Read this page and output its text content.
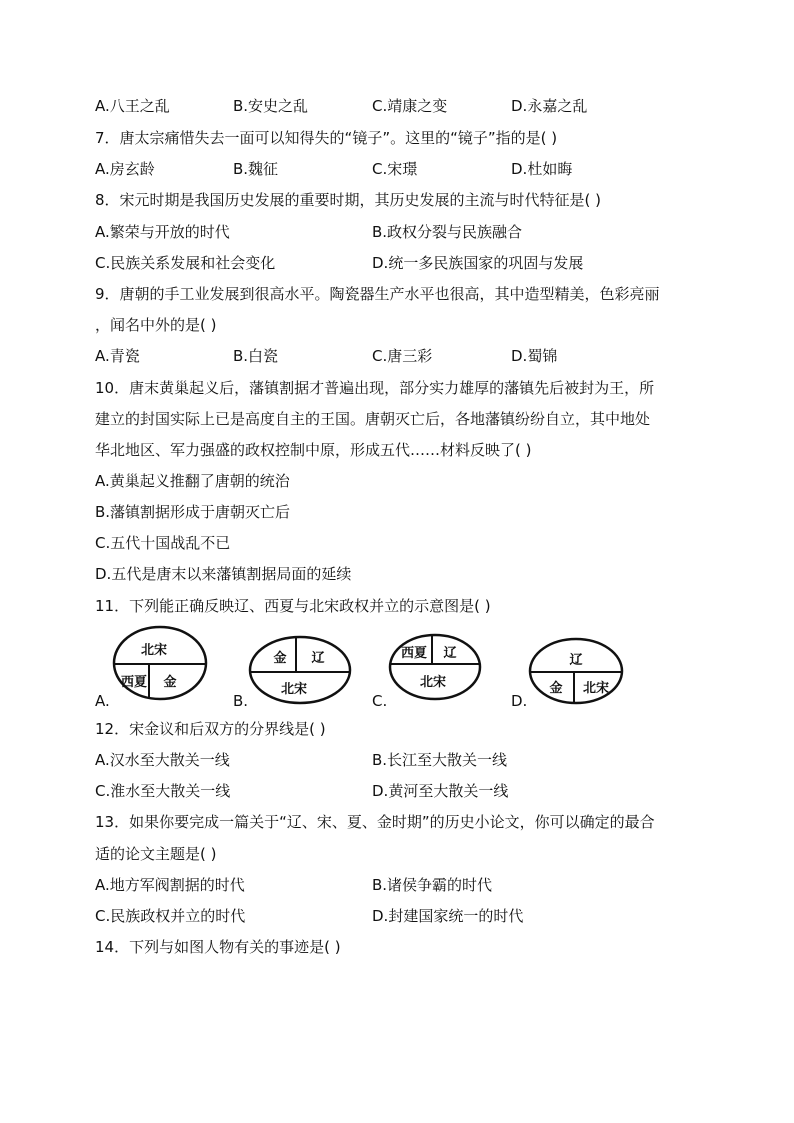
A.八王之乱	B.安史之乱	C.靖康之变	D.永嘉之乱
7．唐太宗痛惜失去一面可以知得失的“镜子”。这里的“镜子”指的是( )
A.房玄龄	B.魏征	C.宋璟	D.杜如晦
8．宋元时期是我国历史发展的重要时期，其历史发展的主流与时代特征是( )
A.繁荣与开放的时代	B.政权分裂与民族融合
C.民族关系发展和社会变化	D.统一多民族国家的巩固与发展
9．唐朝的手工业发展到很高水平。陶瓷器生产水平也很高，其中造型精美，色彩亮丽
，闻名中外的是( )
A.青瓷	B.白瓷	C.唐三彩	D.蜀锦
10．唐末黄巢起义后，藩镇割据才普遍出现，部分实力雄厚的藩镇先后被封为王，所
建立的封国实际上已是高度自主的王国。唐朝灭亡后，各地藩镇纷纷自立，其中地处
华北地区、军力强盛的政权控制中原，形成五代……材料反映了( )
A.黄巢起义推翻了唐朝的统治
B.藩镇割据形成于唐朝灭亡后
C.五代十国战乱不已
D.五代是唐末以来藩镇割据局面的延续
11．下列能正确反映辽、西夏与北宋政权并立的示意图是( )
A.
北宋
西夏 金
B.
金 辽
北宋
C.
西夏 辽
北宋
D.
辽
金 北宋
12．宋金议和后双方的分界线是( )
A.汉水至大散关一线	B.长江至大散关一线
C.淮水至大散关一线	D.黄河至大散关一线
13．如果你要完成一篇关于“辽、宋、夏、金时期”的历史小论文，你可以确定的最合
适的论文主题是( )
A.地方军阀割据的时代	B.诸侯争霸的时代
C.民族政权并立的时代	D.封建国家统一的时代
14．下列与如图人物有关的事迹是( )
